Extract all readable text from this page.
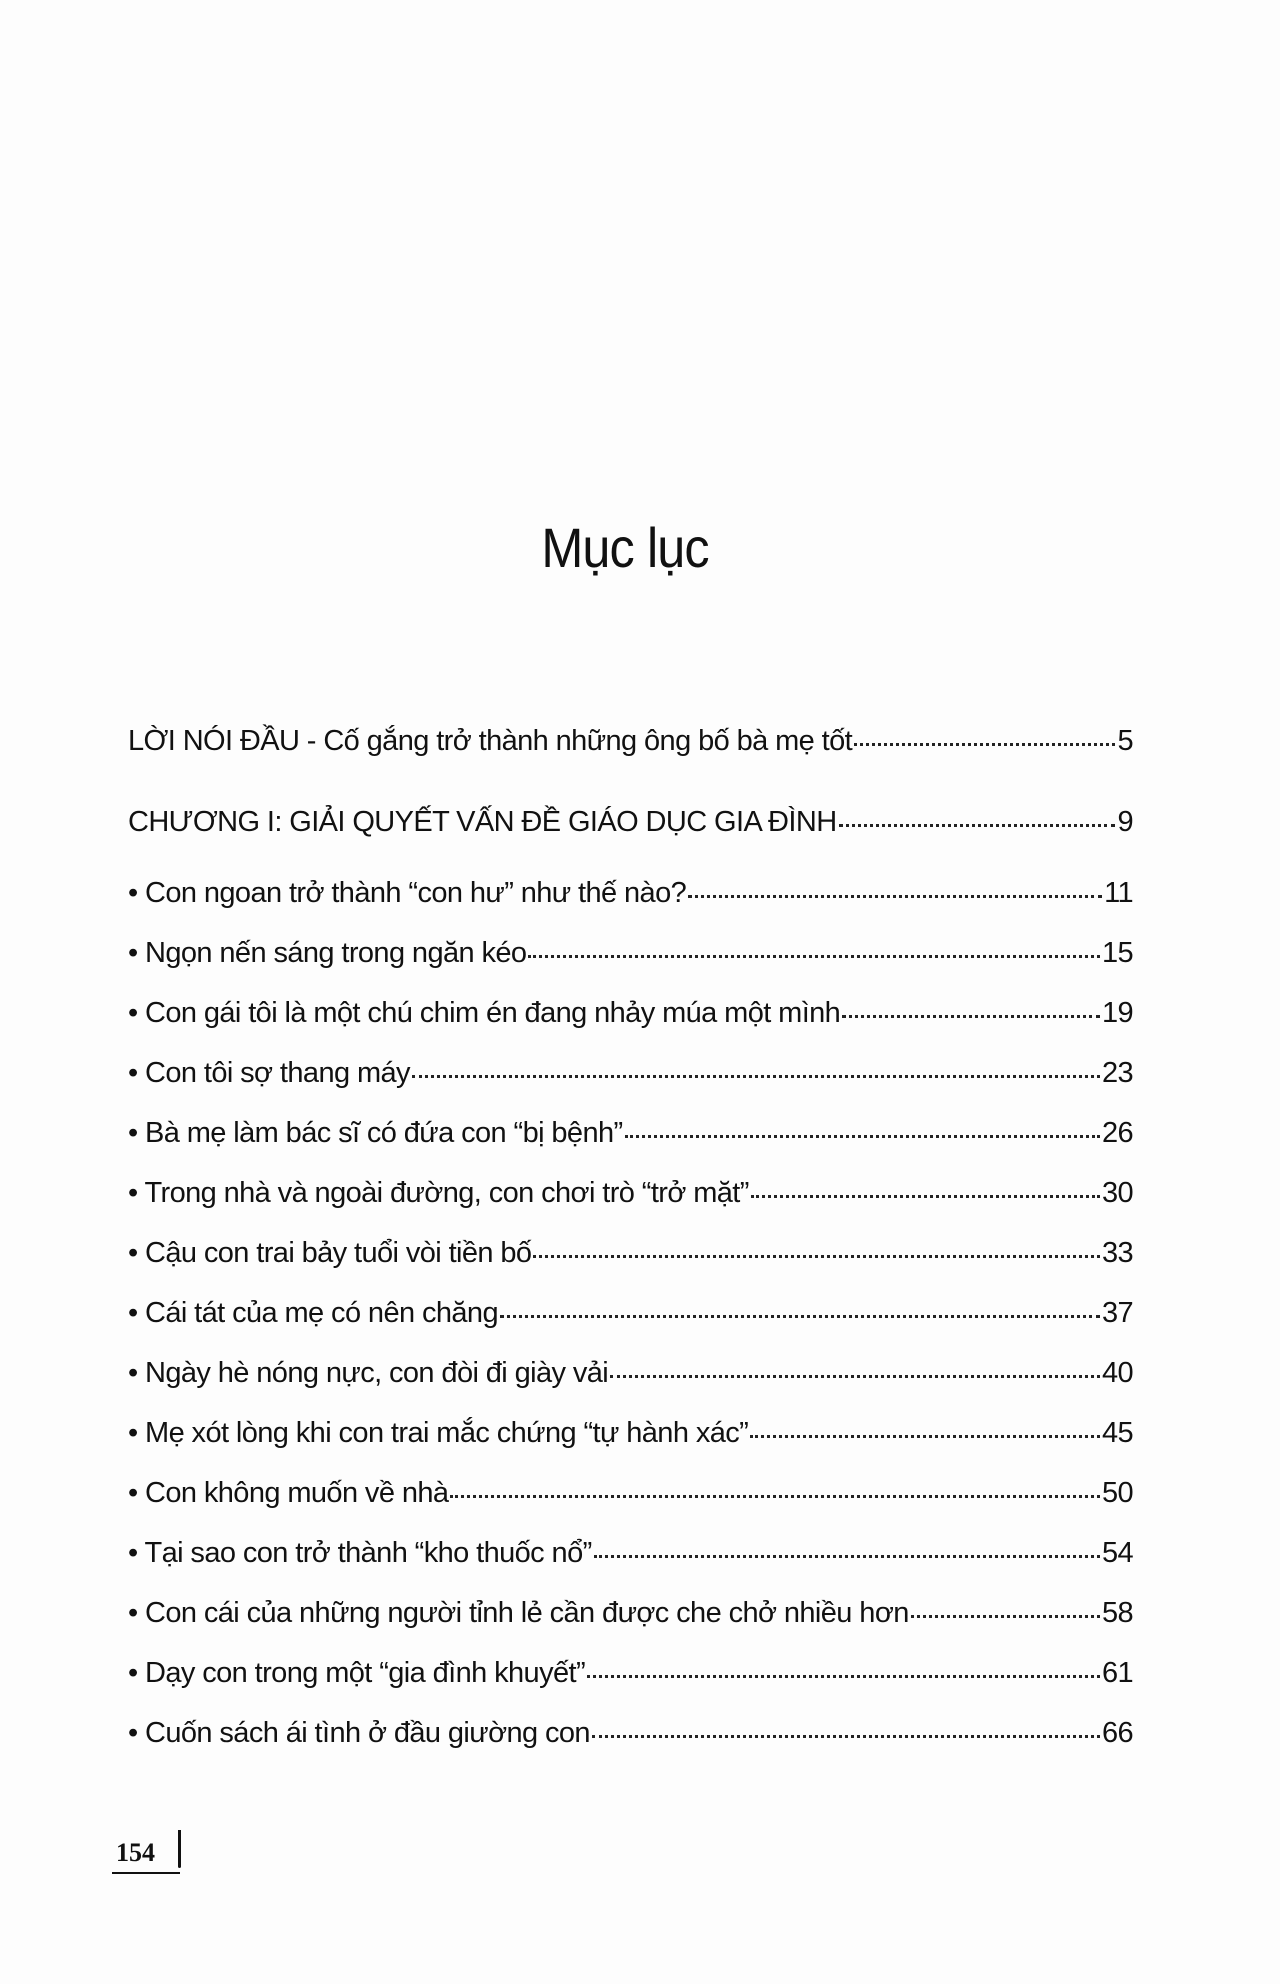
Mục lục
LỜI NÓI ĐẦU - Cố gắng trở thành những ông bố bà mẹ tốt	5
CHƯƠNG I: GIẢI QUYẾT VẤN ĐỀ GIÁO DỤC GIA ĐÌNH	9
• Con ngoan trở thành “con hư” như thế nào?	11
• Ngọn nến sáng trong ngăn kéo	15
• Con gái tôi là một chú chim én đang nhảy múa một mình	19
• Con tôi sợ thang máy	23
• Bà mẹ làm bác sĩ có đứa con “bị bệnh”	26
• Trong nhà và ngoài đường, con chơi trò “trở mặt”	30
• Cậu con trai bảy tuổi vòi tiền bố	33
• Cái tát của mẹ có nên chăng	37
• Ngày hè nóng nực, con đòi đi giày vải	40
• Mẹ xót lòng khi con trai mắc chứng “tự hành xác”	45
• Con không muốn về nhà	50
• Tại sao con trở thành “kho thuốc nổ”	54
• Con cái của những người tỉnh lẻ cần được che chở nhiều hơn	58
• Dạy con trong một “gia đình khuyết”	61
• Cuốn sách ái tình ở đầu giường con	66
154
